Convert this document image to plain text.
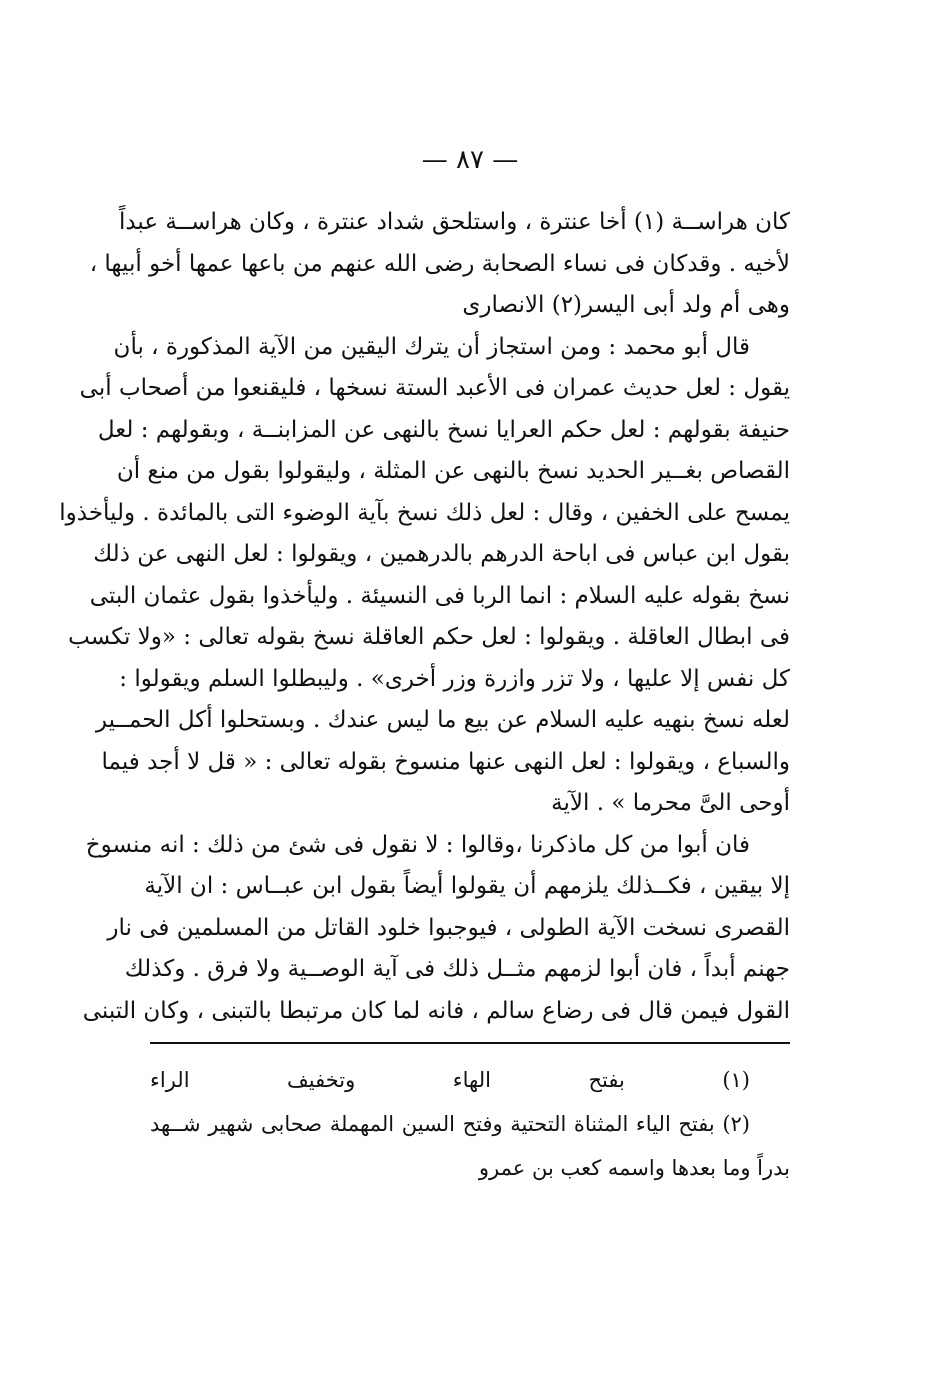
— ٨٧ —
كان هراســة (١) أخا عنترة ، واستلحق شداد عنترة ، وكان هراســة عبداً
لأخيه . وقدكان فى نساء الصحابة رضى الله عنهم من باعها عمها أخو أبيها ،
وهى أم ولد أبى اليسر(٢) الانصارى
قال أبو محمد : ومن استجاز أن يترك اليقين من الآية المذكورة ، بأن
يقول : لعل حديث عمران فى الأعبد الستة نسخها ، فليقنعوا من أصحاب أبى
حنيفة بقولهم : لعل حكم العرايا نسخ بالنهى عن المزابنــة ، وبقولهم : لعل
القصاص بغــير الحديد نسخ بالنهى عن المثلة ، وليقولوا بقول من منع أن
يمسح على الخفين ، وقال : لعل ذلك نسخ بآية الوضوء التى بالمائدة . وليأخذوا
بقول ابن عباس فى اباحة الدرهم بالدرهمين ، ويقولوا : لعل النهى عن ذلك
نسخ بقوله عليه السلام : انما الربا فى النسيئة . وليأخذوا بقول عثمان البتى
فى ابطال العاقلة . ويقولوا : لعل حكم العاقلة نسخ بقوله تعالى : «ولا تكسب
كل نفس إلا عليها ، ولا تزر وازرة وزر أخرى» . وليبطلوا السلم ويقولوا :
لعله نسخ بنهيه عليه السلام عن بيع ما ليس عندك . وبستحلوا أكل الحمــير
والسباع ، ويقولوا : لعل النهى عنها منسوخ بقوله تعالى : « قل لا أجد فيما
أوحى الىَّ محرما » . الآية
فان أبوا من كل ماذكرنا ،وقالوا : لا نقول فى شئ من ذلك : انه منسوخ
إلا بيقين ، فكــذلك يلزمهم أن يقولوا أيضاً بقول ابن عبــاس : ان الآية
القصرى نسخت الآية الطولى ، فيوجبوا خلود القاتل من المسلمين فى نار
جهنم أبداً ، فان أبوا لزمهم مثــل ذلك فى آية الوصــية ولا فرق . وكذلك
القول فيمن قال فى رضاع سالم ، فانه لما كان مرتبطا بالتبنى ، وكان التبنى
(١) بفتح الهاء وتخفيف الراء
(٢) بفتح الياء المثناة التحتية وفتح السين المهملة صحابى شهير شــهد
بدراً وما بعدها واسمه كعب بن عمرو
